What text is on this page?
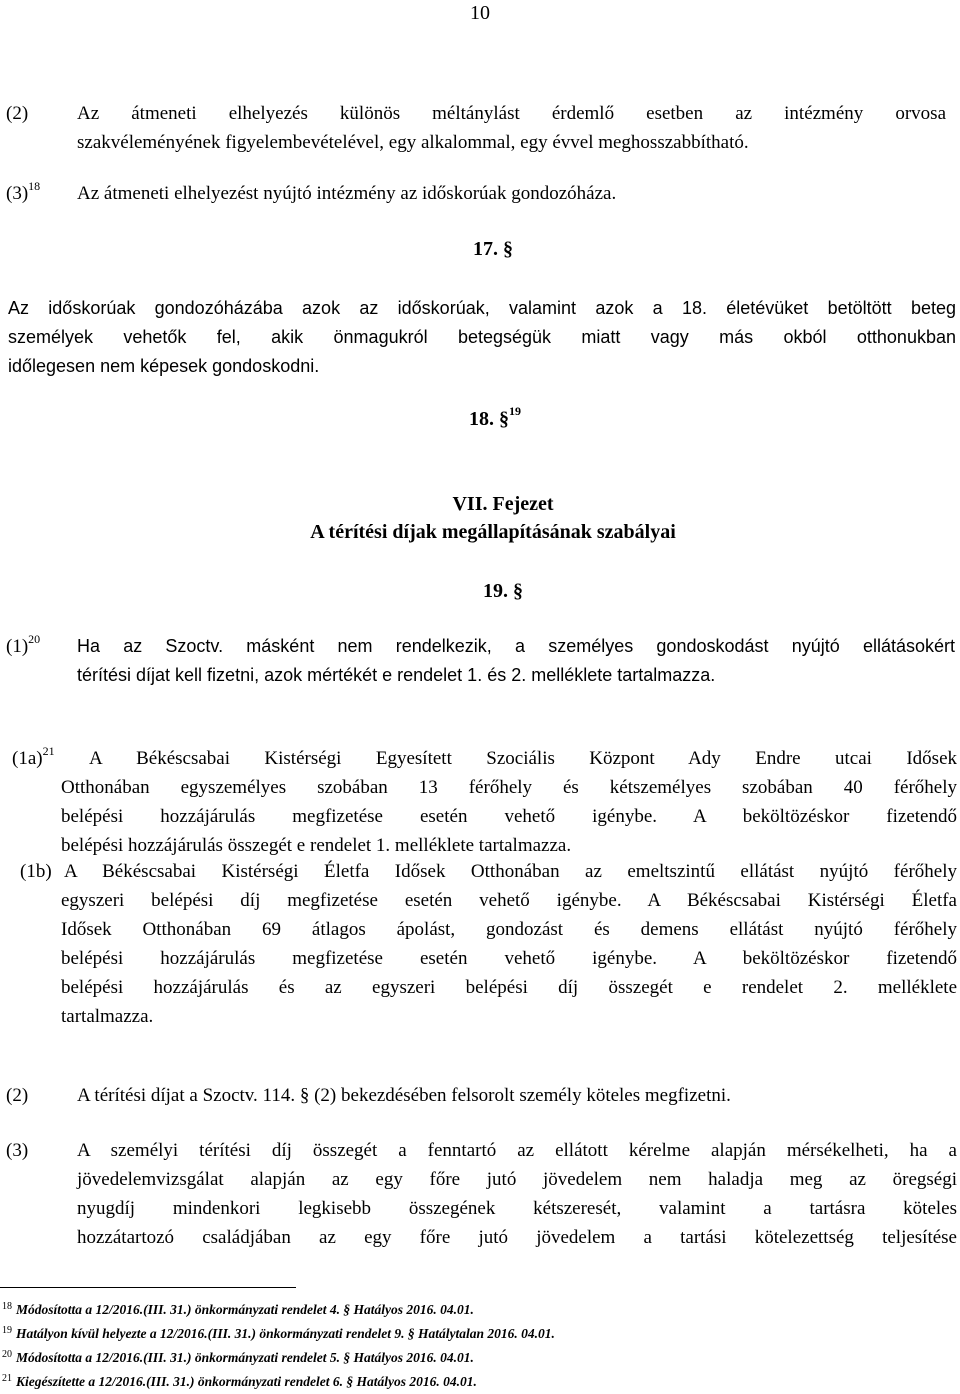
10
(2)	Az átmeneti elhelyezés különös méltánylást érdemlő esetben az intézmény orvosa
szakvéleményének figyelembevételével, egy alkalommal, egy évvel meghosszabbítható.
$(3)^{18}$ Az átmeneti elhelyezést nyújtó intézmény az időskorúak gondozóháza.
17. §
Az időskorúak gondozóházába azok az időskorúak, valamint azok a 18. életévüket betöltött beteg
személyek vehetők fel, akik önmagukról betegségük miatt vagy más okból otthonukban
időlegesen nem képesek gondoskodni.
18. §$^{19}$
VII. Fejezet
A térítési díjak megállapításának szabályai
19. §
$(1)^{20}$ Ha az Szoctv. másként nem rendelkezik, a személyes gondoskodást nyújtó ellátásokért
térítési díjat kell fizetni, azok mértékét e rendelet 1. és 2. melléklete tartalmazza.
$(1a)^{21}$ A Békéscsabai Kistérségi Egyesített Szociális Központ Ady Endre utcai Idősek
Otthonában egyszemélyes szobában 13 férőhely és kétszemélyes szobában 40 férőhely
belépési hozzájárulás megfizetése esetén vehető igénybe. A beköltözéskor fizetendő
belépési hozzájárulás összegét e rendelet 1. melléklete tartalmazza.
(1b) A Békéscsabai Kistérségi Életfa Idősek Otthonában az emeltszintű ellátást nyújtó férőhely
egyszeri belépési díj megfizetése esetén vehető igénybe. A Békéscsabai Kistérségi Életfa
Idősek Otthonában 69 átlagos ápolást, gondozást és demens ellátást nyújtó férőhely
belépési hozzájárulás megfizetése esetén vehető igénybe. A beköltözéskor fizetendő
belépési hozzájárulás és az egyszeri belépési díj összegét e rendelet 2. melléklete
tartalmazza.
(2)	A térítési díjat a Szoctv. 114. § (2) bekezdésében felsorolt személy köteles megfizetni.
(3)	A személyi térítési díj összegét a fenntartó az ellátott kérelme alapján mérsékelheti, ha a
jövedelemvizsgálat alapján az egy főre jutó jövedelem nem haladja meg az öregségi
nyugdíj mindenkori legkisebb összegének kétszeresét, valamint a tartásra köteles
hozzátartozó családjában az egy főre jutó jövedelem a tartási kötelezettség teljesítése
$^{18}$ Módosította a 12/2016.(III. 31.) önkormányzati rendelet 4. § Hatályos 2016. 04.01.
$^{19}$ Hatályon kívül helyezte a 12/2016.(III. 31.) önkormányzati rendelet 9. § Hatálytalan 2016. 04.01.
$^{20}$ Módosította a 12/2016.(III. 31.) önkormányzati rendelet 5. § Hatályos 2016. 04.01.
$^{21}$ Kiegészítette a 12/2016.(III. 31.) önkormányzati rendelet 6. § Hatályos 2016. 04.01.
